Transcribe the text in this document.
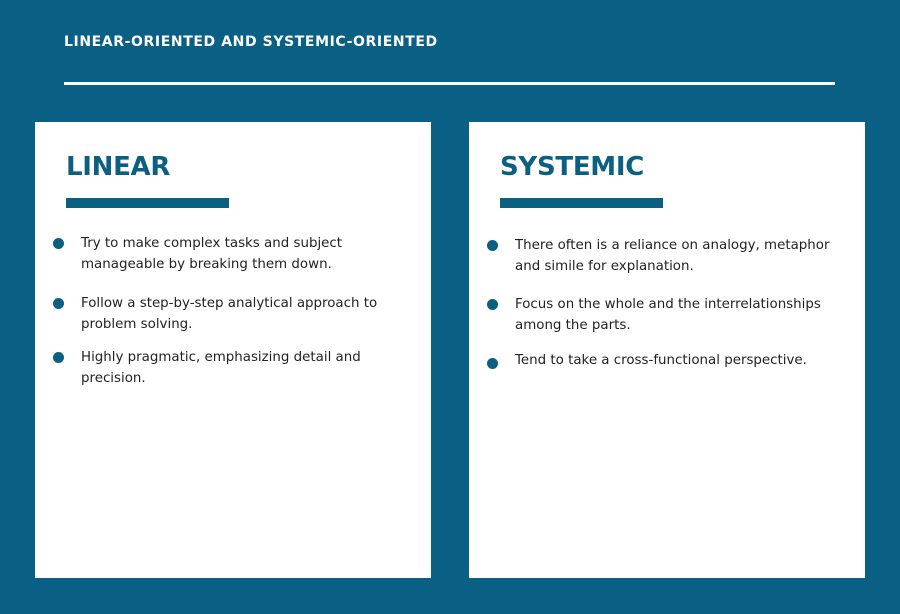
LINEAR-ORIENTED AND SYSTEMIC-ORIENTED
LINEAR
Try to make complex tasks and subject manageable by breaking them down.
Follow a step-by-step analytical approach to problem solving.
Highly pragmatic, emphasizing detail and precision.
SYSTEMIC
There often is a reliance on analogy, metaphor and simile for explanation.
Focus on the whole and the interrelationships among the parts.
Tend to take a cross-functional perspective.
